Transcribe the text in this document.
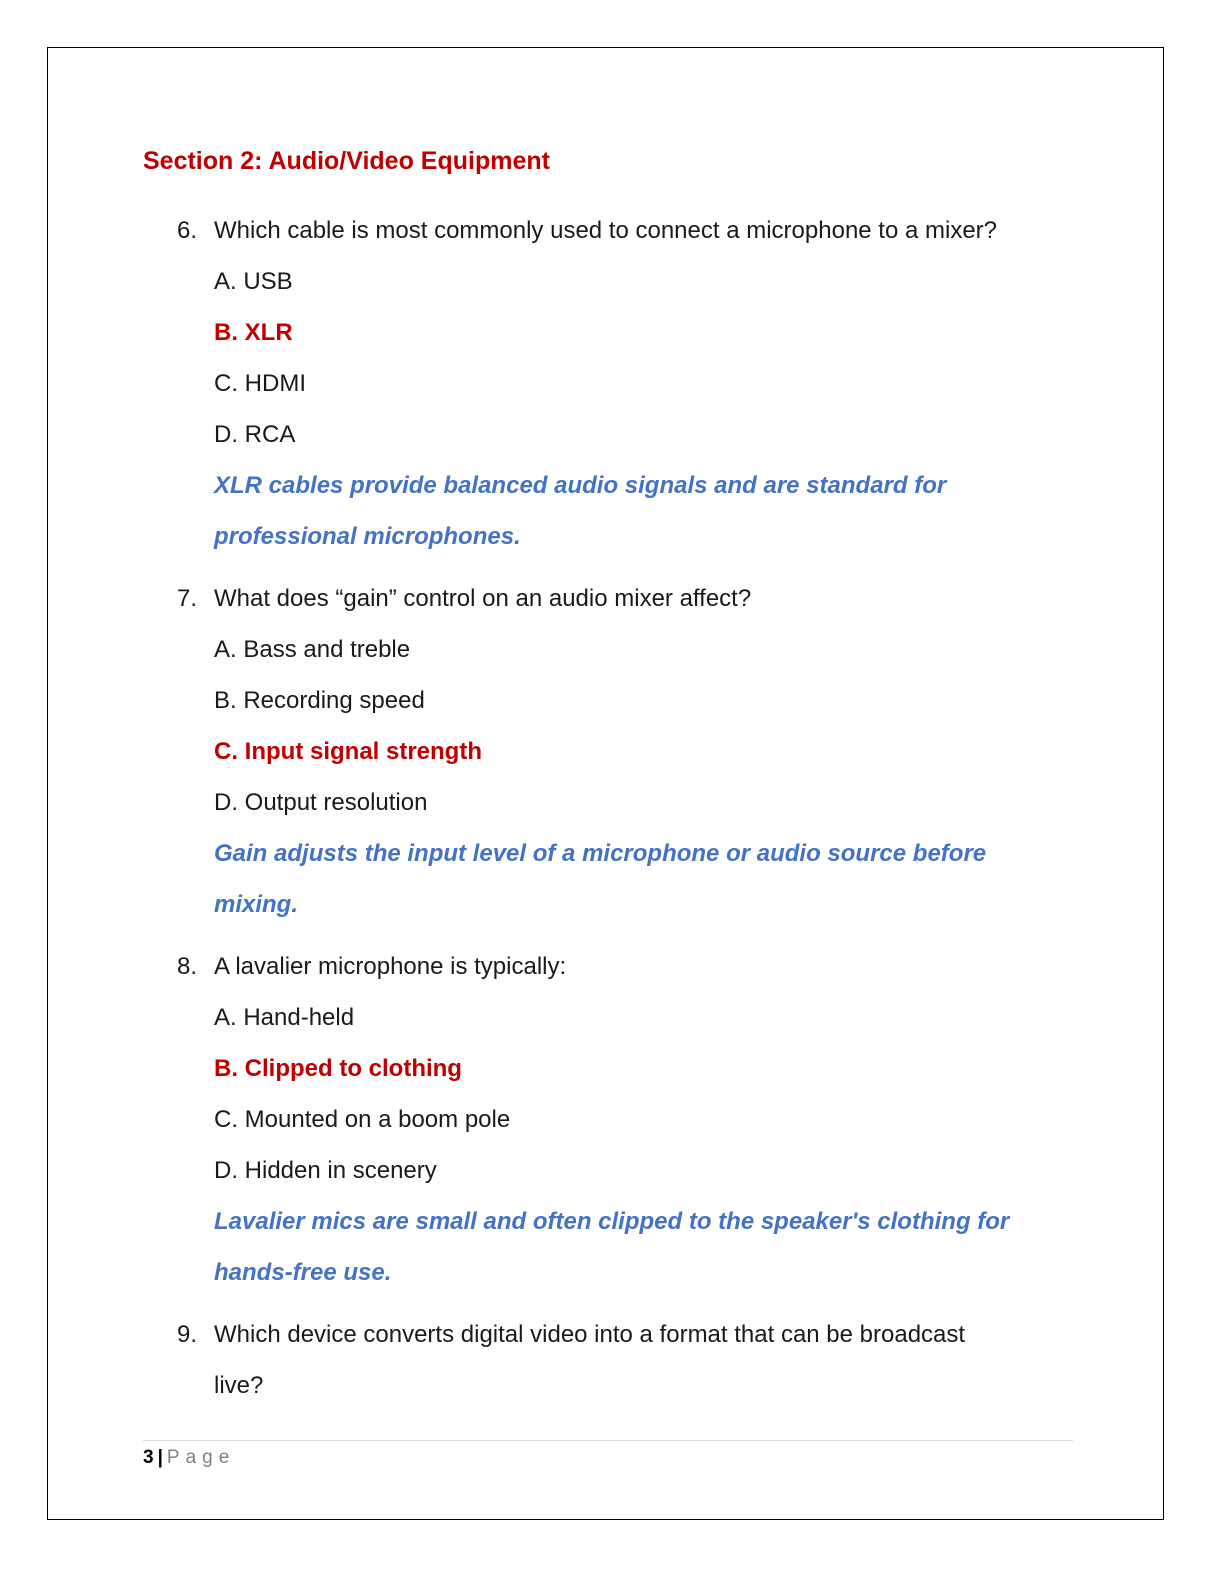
Section 2: Audio/Video Equipment
6. Which cable is most commonly used to connect a microphone to a mixer?
A. USB
B. XLR
C. HDMI
D. RCA
XLR cables provide balanced audio signals and are standard for
professional microphones.
7. What does “gain” control on an audio mixer affect?
A. Bass and treble
B. Recording speed
C. Input signal strength
D. Output resolution
Gain adjusts the input level of a microphone or audio source before
mixing.
8. A lavalier microphone is typically:
A. Hand-held
B. Clipped to clothing
C. Mounted on a boom pole
D. Hidden in scenery
Lavalier mics are small and often clipped to the speaker's clothing for
hands-free use.
9. Which device converts digital video into a format that can be broadcast
live?
3 | Page
